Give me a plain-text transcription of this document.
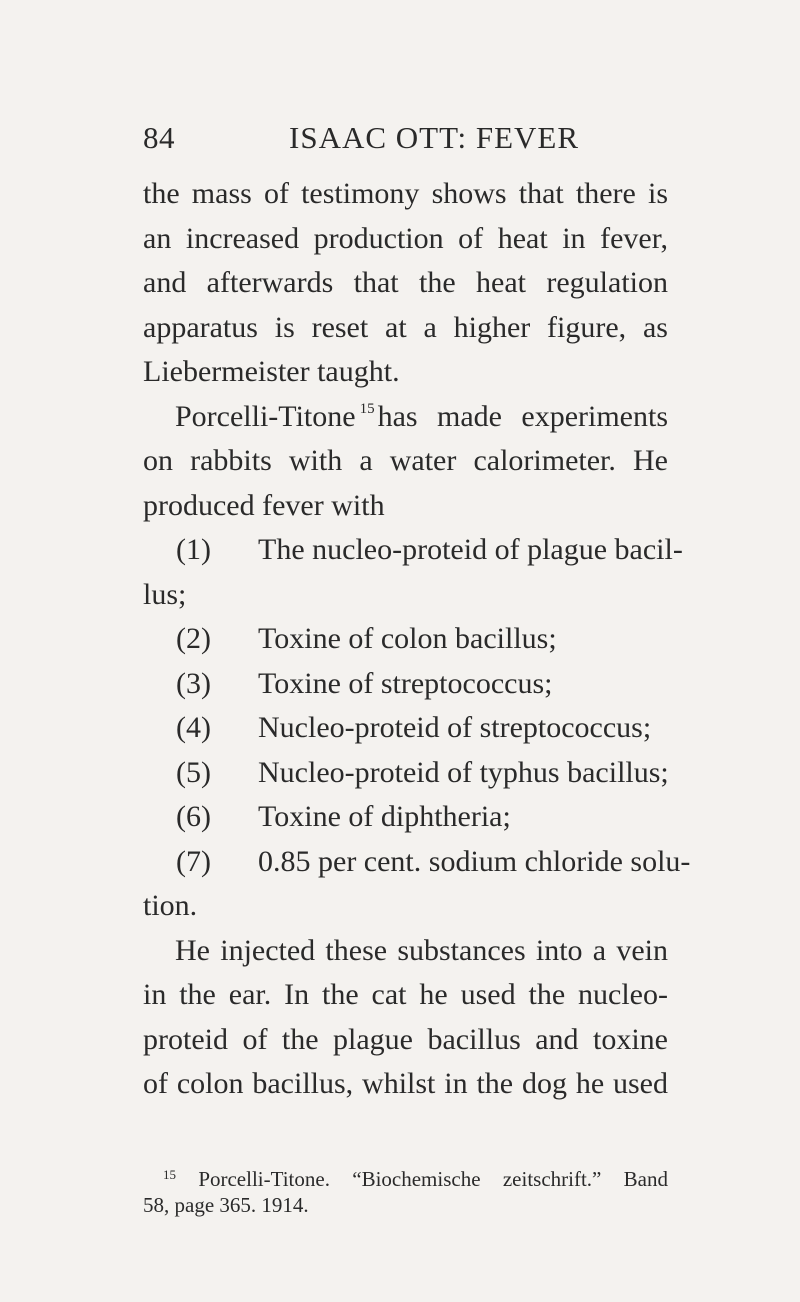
84	ISAAC OTT: FEVER
the mass of testimony shows that there is
an increased production of heat in fever,
and afterwards that the heat regulation
apparatus is reset at a higher figure, as
Liebermeister taught.
Porcelli-Titone $^{15}$ has made experiments
on rabbits with a water calorimeter. He
produced fever with
(1) The nucleo-proteid of plague bacil-
lus;
(2) Toxine of colon bacillus;
(3) Toxine of streptococcus;
(4) Nucleo-proteid of streptococcus;
(5) Nucleo-proteid of typhus bacillus;
(6) Toxine of diphtheria;
(7) 0.85 per cent. sodium chloride solu-
tion.
He injected these substances into a vein
in the ear. In the cat he used the nucleo-
proteid of the plague bacillus and toxine
of colon bacillus, whilst in the dog he used
$^{15}$ Porcelli-Titone. “Biochemische zeitschrift.” Band
58, page 365. 1914.
